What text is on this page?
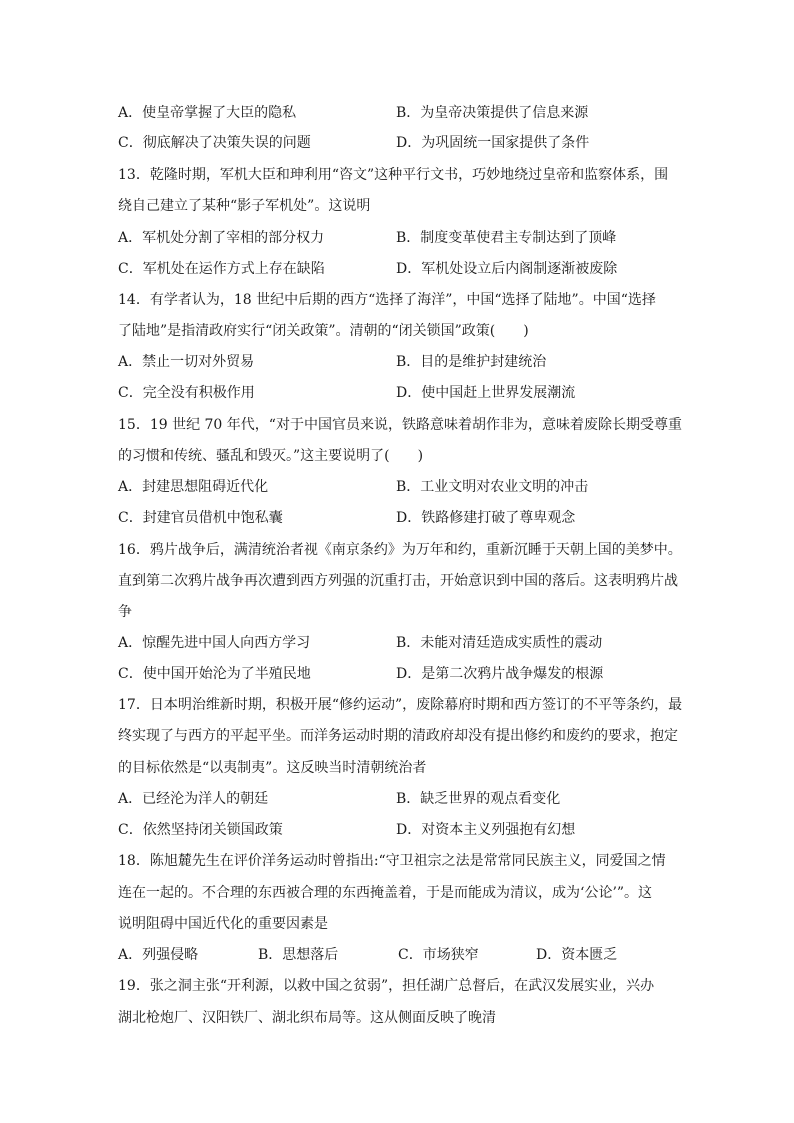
A．使皇帝掌握了大臣的隐私	B．为皇帝决策提供了信息来源
C．彻底解决了决策失误的问题	D．为巩固统一国家提供了条件
13．乾隆时期，军机大臣和珅利用“咨文”这种平行文书，巧妙地绕过皇帝和监察体系，围
绕自己建立了某种“影子军机处”。这说明
A．军机处分割了宰相的部分权力	B．制度变革使君主专制达到了顶峰
C．军机处在运作方式上存在缺陷	D．军机处设立后内阁制逐渐被废除
14．有学者认为，18 世纪中后期的西方“选择了海洋”，中国“选择了陆地”。中国“选择
了陆地”是指清政府实行“闭关政策”。清朝的“闭关锁国”政策(　　)
A．禁止一切对外贸易	B．目的是维护封建统治
C．完全没有积极作用	D．使中国赶上世界发展潮流
15．19 世纪 70 年代，“对于中国官员来说，铁路意味着胡作非为，意味着废除长期受尊重
的习惯和传统、骚乱和毁灭。”这主要说明了(　　)
A．封建思想阻碍近代化	B．工业文明对农业文明的冲击
C．封建官员借机中饱私囊	D．铁路修建打破了尊卑观念
16．鸦片战争后，满清统治者视《南京条约》为万年和约，重新沉睡于天朝上国的美梦中。
直到第二次鸦片战争再次遭到西方列强的沉重打击，开始意识到中国的落后。这表明鸦片战
争
A．惊醒先进中国人向西方学习	B．未能对清廷造成实质性的震动
C．使中国开始沦为了半殖民地	D．是第二次鸦片战争爆发的根源
17．日本明治维新时期，积极开展“修约运动”，废除幕府时期和西方签订的不平等条约，最
终实现了与西方的平起平坐。而洋务运动时期的清政府却没有提出修约和废约的要求，抱定
的目标依然是“以夷制夷”。这反映当时清朝统治者
A．已经沦为洋人的朝廷	B．缺乏世界的观点看变化
C．依然坚持闭关锁国政策	D．对资本主义列强抱有幻想
18．陈旭麓先生在评价洋务运动时曾指出:“守卫祖宗之法是常常同民族主义，同爱国之情
连在一起的。不合理的东西被合理的东西掩盖着，于是而能成为清议，成为‘公论’”。这
说明阻碍中国近代化的重要因素是
A．列强侵略	B．思想落后	C．市场狭窄	D．资本匮乏
19．张之洞主张“开利源，以救中国之贫弱”，担任湖广总督后，在武汉发展实业，兴办
湖北枪炮厂、汉阳铁厂、湖北织布局等。这从侧面反映了晚清
